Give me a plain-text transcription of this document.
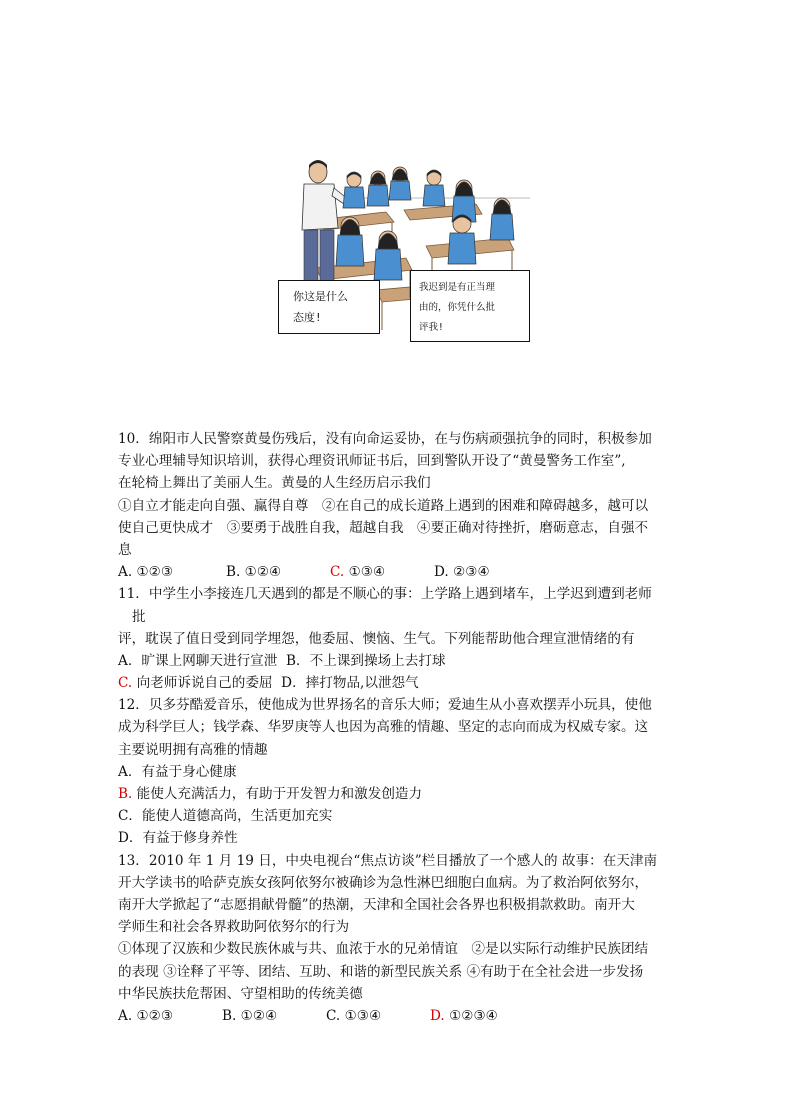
你这是什么
态度!
我迟到是有正当理
由的，你凭什么批
评我!
10．绵阳市人民警察黄曼伤残后，没有向命运妥协，在与伤病顽强抗争的同时，积极参加
专业心理辅导知识培训，获得心理资讯师证书后，回到警队开设了“黄曼警务工作室”,
在轮椅上舞出了美丽人生。黄曼的人生经历启示我们
①自立才能走向自强、赢得自尊　②在自己的成长道路上遇到的困难和障碍越多，越可以
使自己更快成才　③要勇于战胜自我，超越自我　④要正确对待挫折，磨砺意志，自强不
息
A. ①②③	B. ①②④	C. ①③④	D. ②③④
11．中学生小李接连几天遇到的都是不顺心的事：上学路上遇到堵车，上学迟到遭到老师
批
评，耽误了值日受到同学埋怨，他委屈、懊恼、生气。下列能帮助他合理宣泄情绪的有
A．旷课上网聊天进行宣泄 B．不上课到操场上去打球
C. 向老师诉说自己的委屈 D．摔打物品,以泄怨气
12．贝多芬酷爱音乐，使他成为世界扬名的音乐大师；爱迪生从小喜欢摆弄小玩具，使他
成为科学巨人；钱学森、华罗庚等人也因为高雅的情趣、坚定的志向而成为权威专家。这
主要说明拥有高雅的情趣
A．有益于身心健康
B. 能使人充满活力，有助于开发智力和激发创造力
C．能使人道德高尚，生活更加充实
D．有益于修身养性
13．2010 年 1 月 19 日，中央电视台“焦点访谈”栏目播放了一个感人的 故事：在天津南
开大学读书的哈萨克族女孩阿依努尔被确诊为急性淋巴细胞白血病。为了救治阿依努尔，
南开大学掀起了“志愿捐献骨髓”的热潮，天津和全国社会各界也积极捐款救助。南开大
学师生和社会各界救助阿依努尔的行为
①体现了汉族和少数民族休戚与共、血浓于水的兄弟情谊　②是以实际行动维护民族团结
的表现 ③诠释了平等、团结、互助、和谐的新型民族关系 ④有助于在全社会进一步发扬
中华民族扶危帮困、守望相助的传统美德
A. ①②③	B. ①②④	C. ①③④	D. ①②③④
